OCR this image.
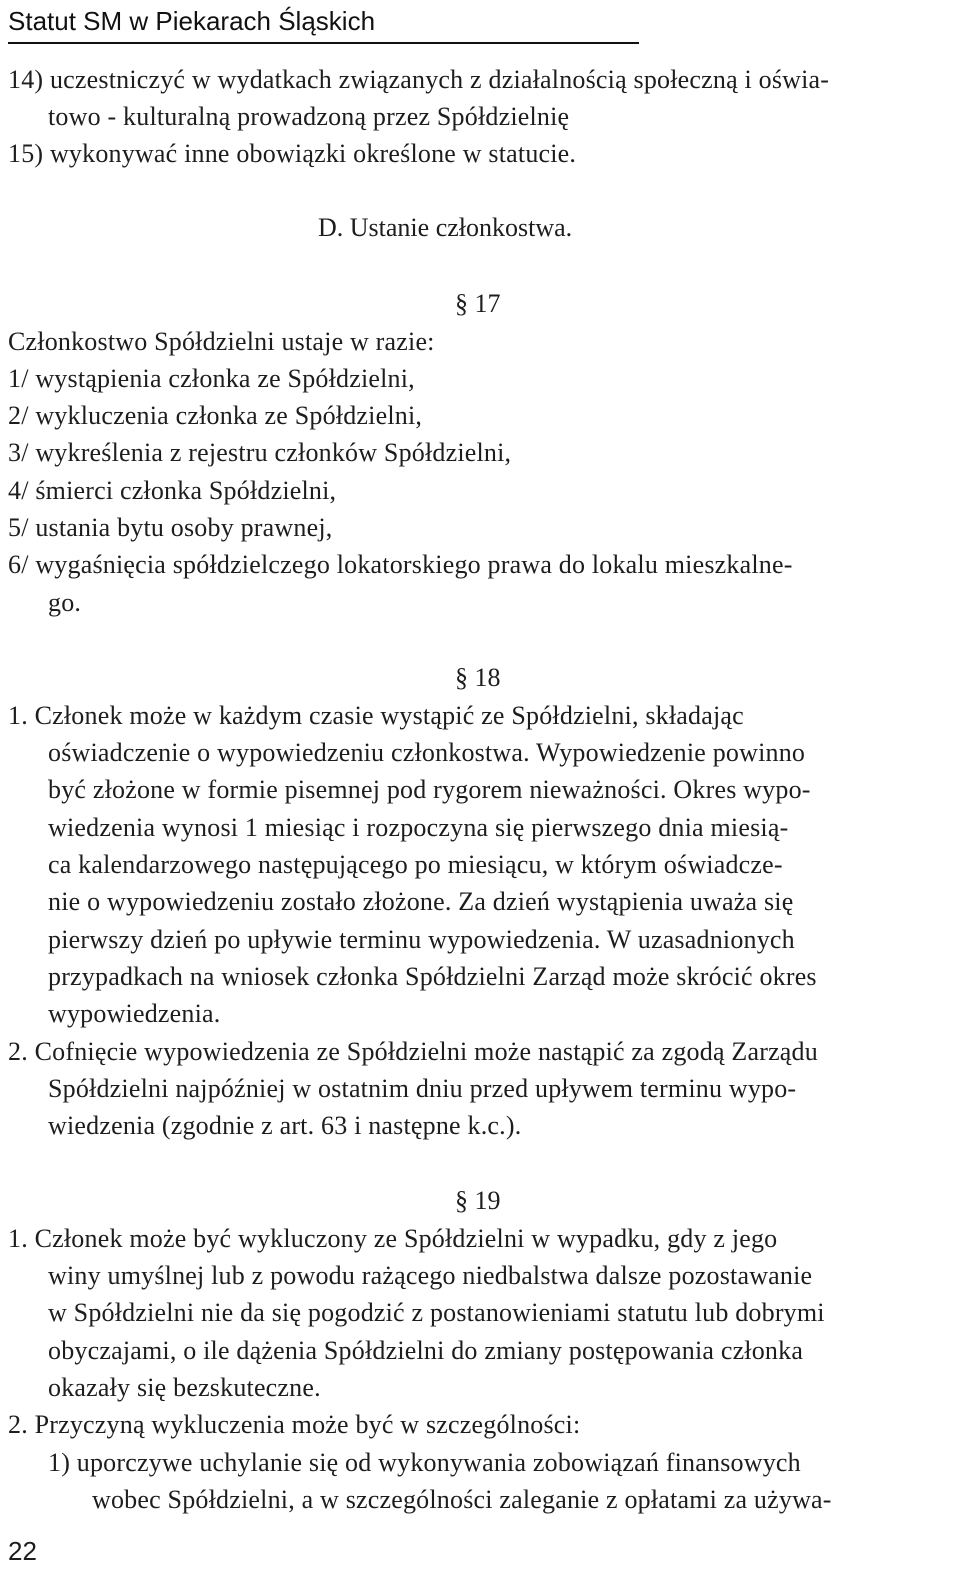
Statut SM w Piekarach Śląskich
14) uczestniczyć w wydatkach związanych z działalnością społeczną i oświa-
towo - kulturalną prowadzoną przez Spółdzielnię
15) wykonywać inne obowiązki określone w statucie.
D. Ustanie członkostwa.
§ 17
Członkostwo Spółdzielni ustaje w razie:
1/ wystąpienia członka ze Spółdzielni,
2/ wykluczenia członka ze Spółdzielni,
3/ wykreślenia z rejestru członków Spółdzielni,
4/ śmierci członka Spółdzielni,
5/ ustania bytu osoby prawnej,
6/ wygaśnięcia spółdzielczego lokatorskiego prawa do lokalu mieszkalne-
go.
§ 18
1. Członek może w każdym czasie wystąpić ze Spółdzielni, składając
oświadczenie o wypowiedzeniu członkostwa. Wypowiedzenie powinno
być złożone w formie pisemnej pod rygorem nieważności. Okres wypo-
wiedzenia wynosi 1 miesiąc i rozpoczyna się pierwszego dnia miesią-
ca kalendarzowego następującego po miesiącu, w którym oświadcze-
nie o wypowiedzeniu zostało złożone. Za dzień wystąpienia uważa się
pierwszy dzień po upływie terminu wypowiedzenia. W uzasadnionych
przypadkach na wniosek członka Spółdzielni Zarząd może skrócić okres
wypowiedzenia.
2. Cofnięcie wypowiedzenia ze Spółdzielni może nastąpić za zgodą Zarządu
Spółdzielni najpóźniej w ostatnim dniu przed upływem terminu wypo-
wiedzenia (zgodnie z art. 63 i następne k.c.).
§ 19
1. Członek może być wykluczony ze Spółdzielni w wypadku, gdy z jego
winy umyślnej lub z powodu rażącego niedbalstwa dalsze pozostawanie
w Spółdzielni nie da się pogodzić z postanowieniami statutu lub dobrymi
obyczajami, o ile dążenia Spółdzielni do zmiany postępowania członka
okazały się bezskuteczne.
2. Przyczyną wykluczenia może być w szczególności:
1) uporczywe uchylanie się od wykonywania zobowiązań finansowych
wobec Spółdzielni, a w szczególności zaleganie z opłatami za używa-
22
